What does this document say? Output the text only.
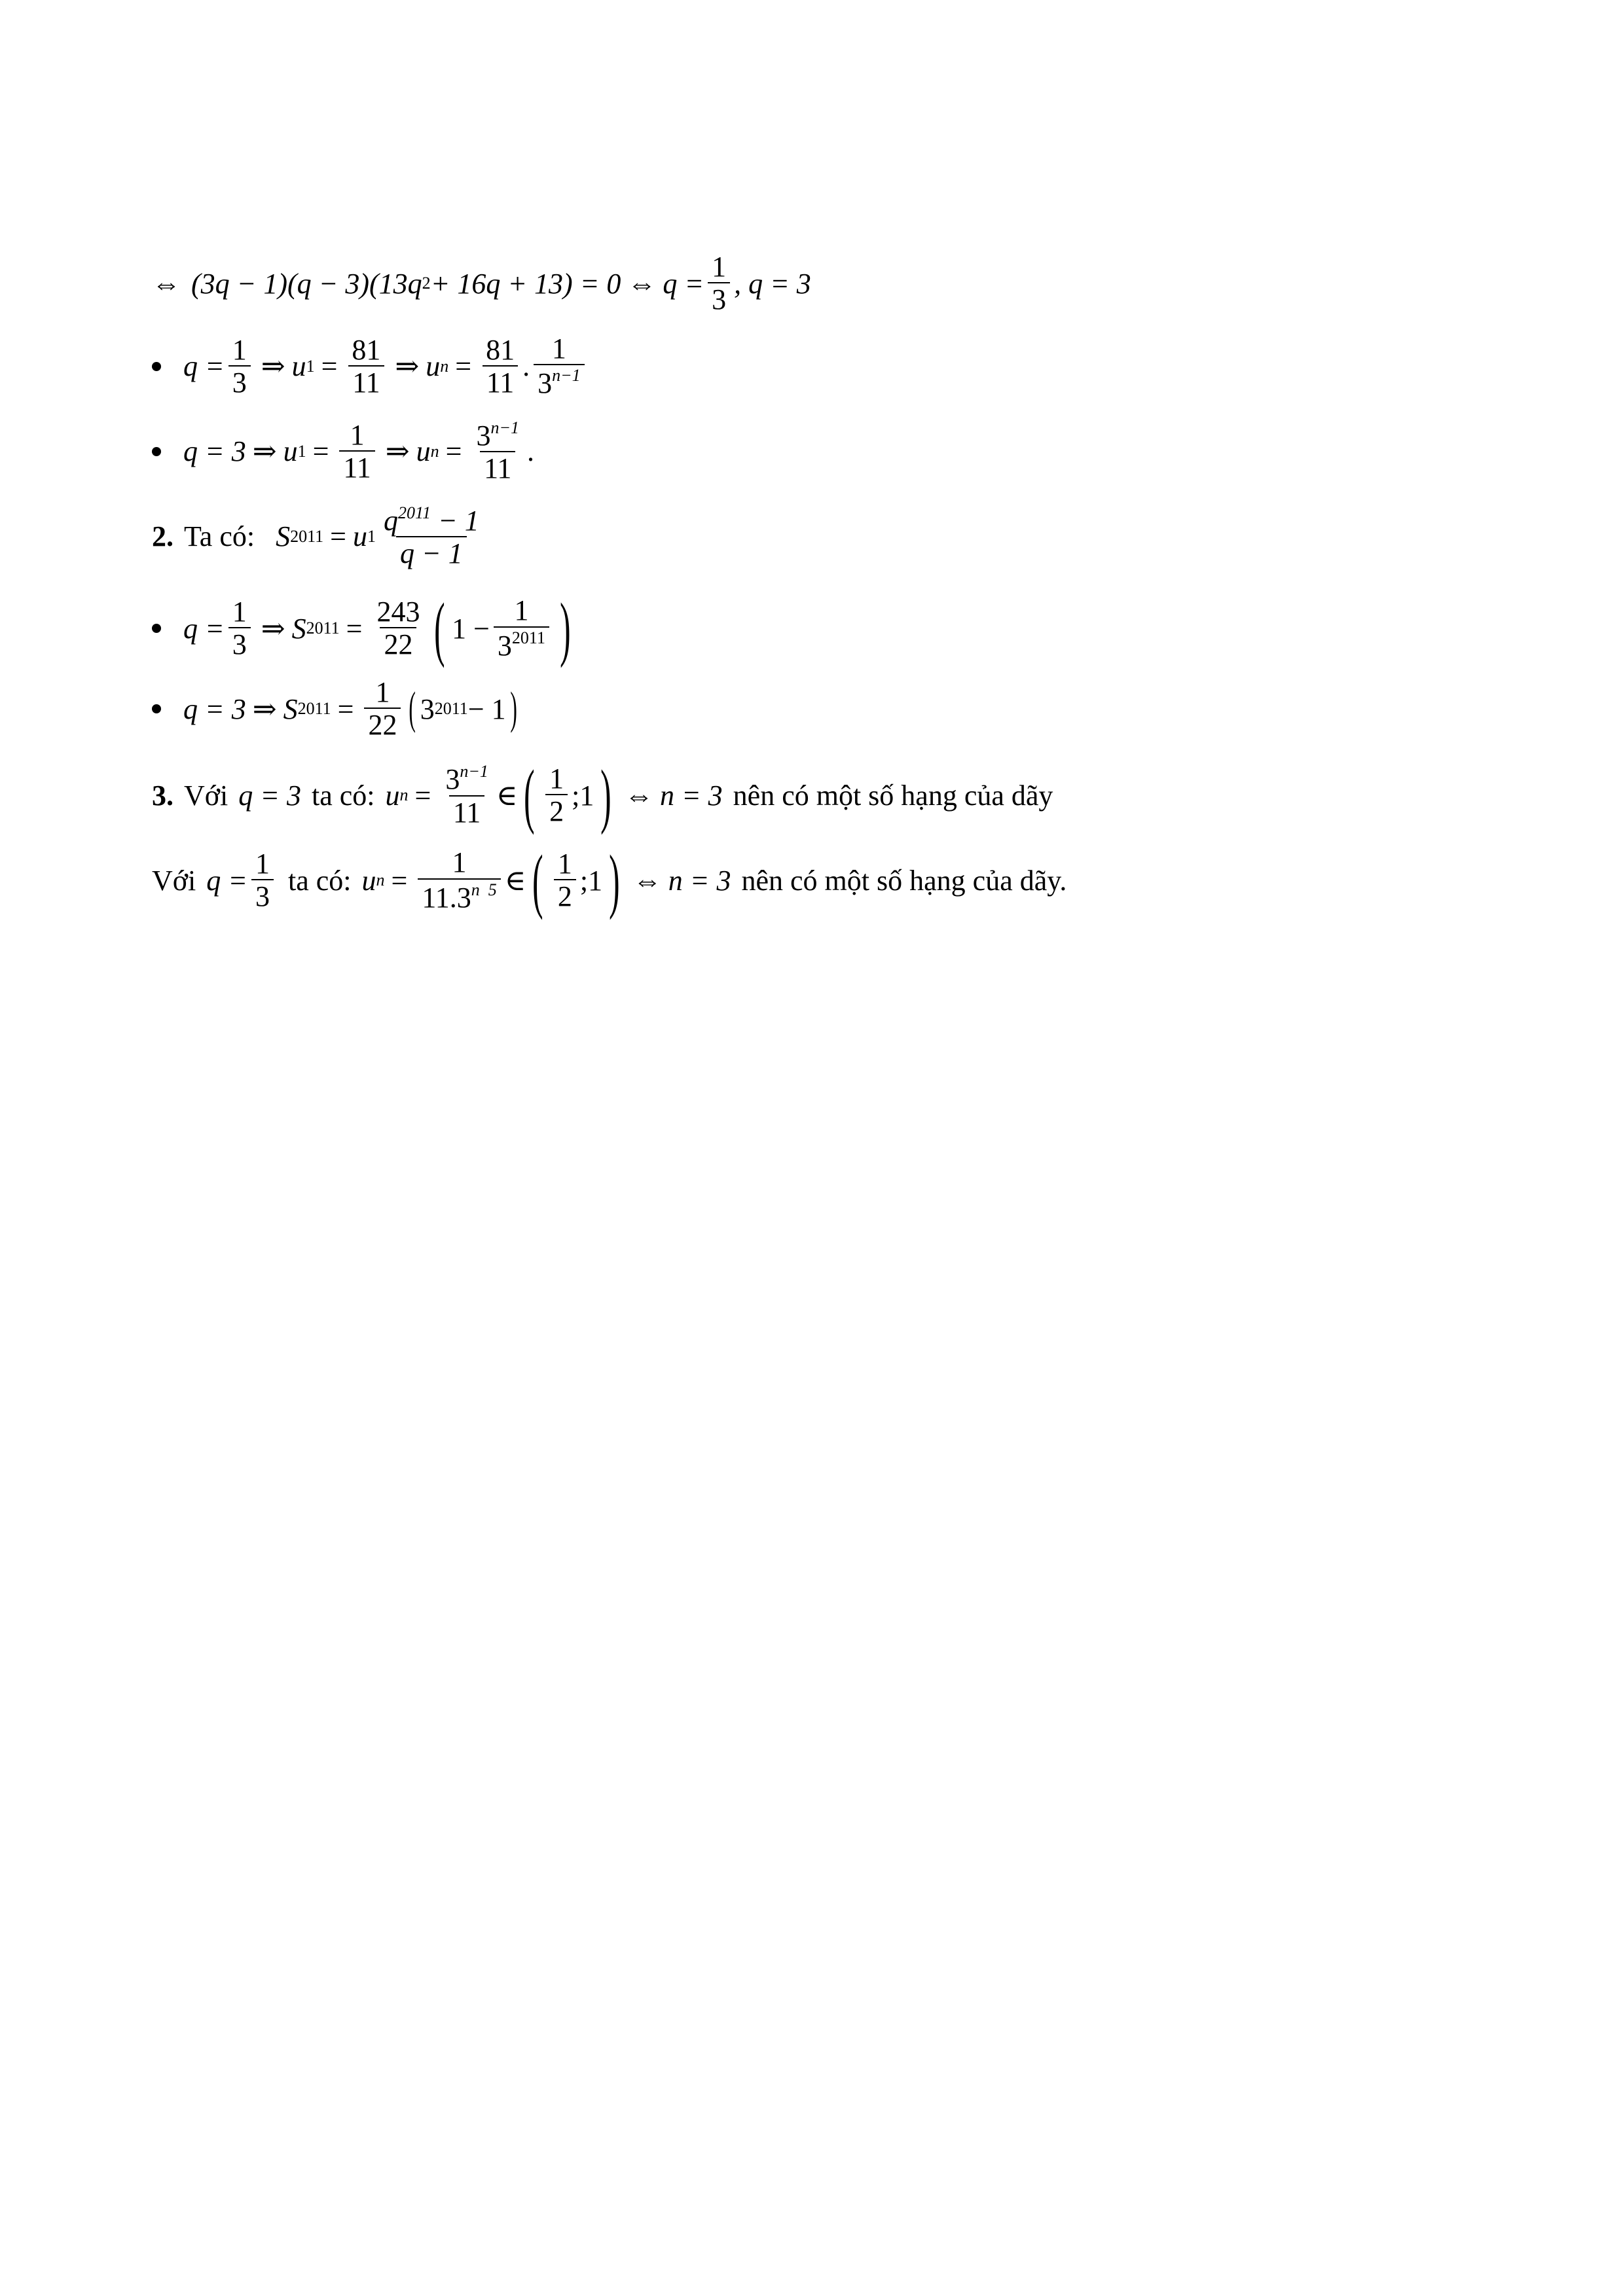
⇔ (3q − 1)(q − 3)(13q 2 + 16q + 13) = 0 ⇔ $q = \frac{1}{3}$ , q = 3
$q = \frac{1}{3}$ ⇒ u $1 = \frac{81}{11}$ ⇒ u $n = \frac{81}{11}$ . $\frac{1}{3^{n-1}}$
q = 3 ⇒ u $1 = \frac{1}{11}$ ⇒ u $n = \frac{3^{n-1}}{11}$ .
2. Ta có: S 2011 = u $1 \frac{q^{2011} - 1}{q - 1}$
$q = \frac{1}{3}$ ⇒ S $2011 = \frac{243}{22}$ ( $1 - \frac{1}{3^{2011}}$ )
q = 3 ⇒ S $2011 = \frac{1}{22}$ ( 3 2011 − 1 )
3. Với q = 3 ta có: u $n = \frac{3^{n-1}}{11}$ ∈ ( $\frac{1}{2}$ ;1 ) ⇔ n = 3 nên có một số hạng của dãy
Với $q = \frac{1}{3}$ ta có: u $n = \frac{1}{11.3^{n 5}}$ ∈ ( $\frac{1}{2}$ ;1 ) ⇔ n = 3 nên có một số hạng của dãy.
